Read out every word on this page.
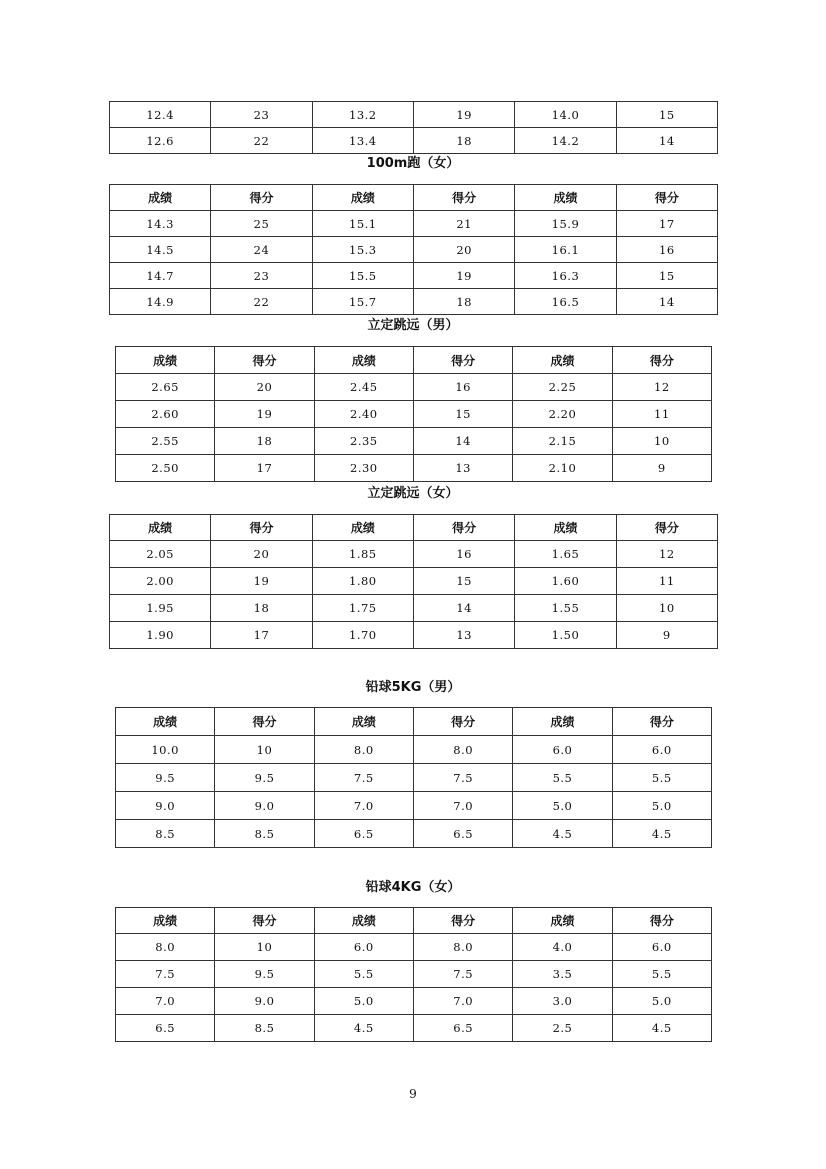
12.4	23	13.2	19	14.0	15
12.6	22	13.4	18	14.2	14
100m跑（女）
成绩	得分	成绩	得分	成绩	得分
14.3	25	15.1	21	15.9	17
14.5	24	15.3	20	16.1	16
14.7	23	15.5	19	16.3	15
14.9	22	15.7	18	16.5	14
立定跳远（男）
成绩	得分	成绩	得分	成绩	得分
2.65	20	2.45	16	2.25	12
2.60	19	2.40	15	2.20	11
2.55	18	2.35	14	2.15	10
2.50	17	2.30	13	2.10	9
立定跳远（女）
成绩	得分	成绩	得分	成绩	得分
2.05	20	1.85	16	1.65	12
2.00	19	1.80	15	1.60	11
1.95	18	1.75	14	1.55	10
1.90	17	1.70	13	1.50	9
铅球5KG（男）
成绩	得分	成绩	得分	成绩	得分
10.0	10	8.0	8.0	6.0	6.0
9.5	9.5	7.5	7.5	5.5	5.5
9.0	9.0	7.0	7.0	5.0	5.0
8.5	8.5	6.5	6.5	4.5	4.5
铅球4KG（女）
成绩	得分	成绩	得分	成绩	得分
8.0	10	6.0	8.0	4.0	6.0
7.5	9.5	5.5	7.5	3.5	5.5
7.0	9.0	5.0	7.0	3.0	5.0
6.5	8.5	4.5	6.5	2.5	4.5
9
